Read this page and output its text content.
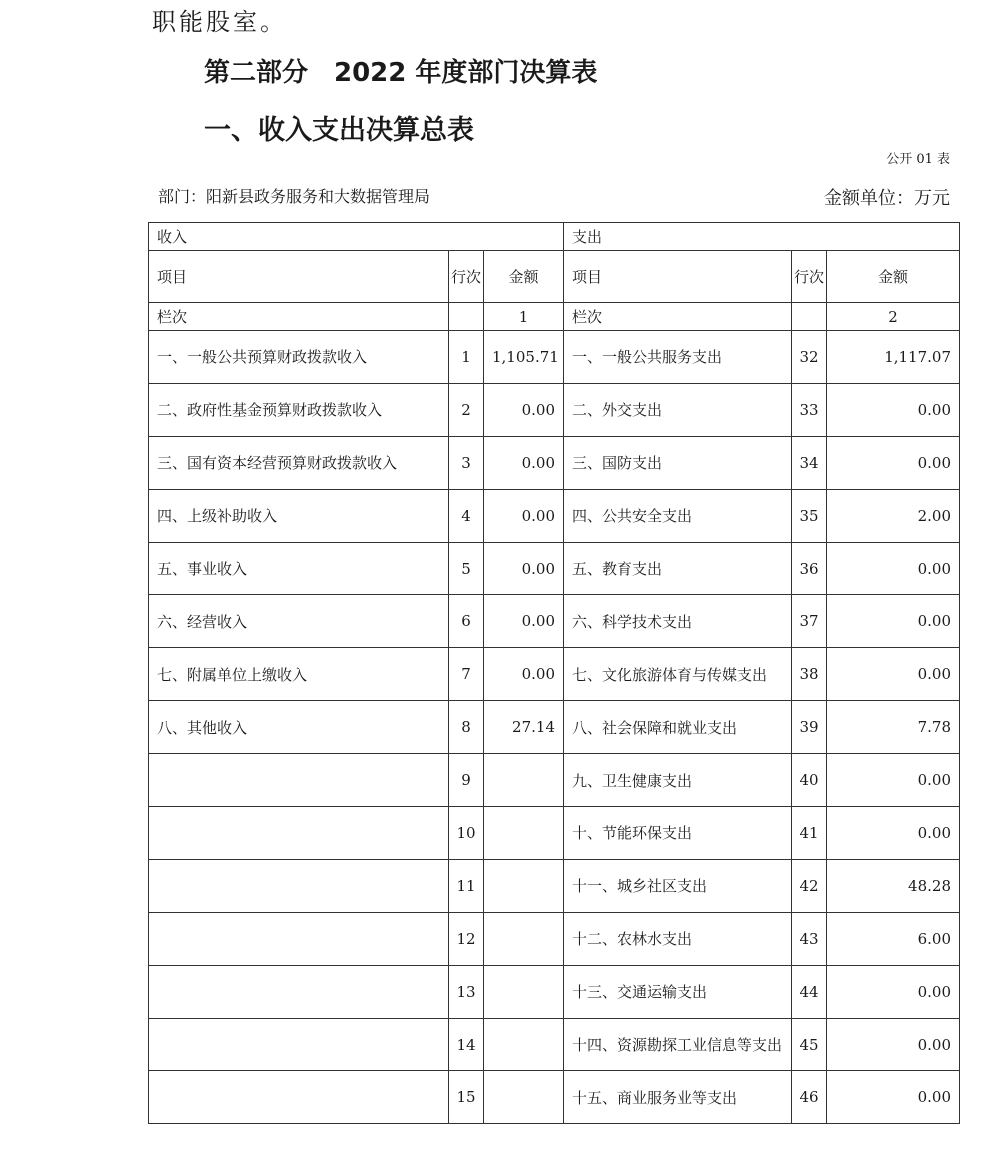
职能股室。
第二部分　2022 年度部门决算表
一、收入支出决算总表
公开 01 表
部门：阳新县政务服务和大数据管理局	金额单位：万元
收入			支出		
项目	行次	金额	项目	行次	金额
栏次		1	栏次		2
一、一般公共预算财政拨款收入	1	1,105.71	一、一般公共服务支出	32	1,117.07
二、政府性基金预算财政拨款收入	2	0.00	二、外交支出	33	0.00
三、国有资本经营预算财政拨款收入	3	0.00	三、国防支出	34	0.00
四、上级补助收入	4	0.00	四、公共安全支出	35	2.00
五、事业收入	5	0.00	五、教育支出	36	0.00
六、经营收入	6	0.00	六、科学技术支出	37	0.00
七、附属单位上缴收入	7	0.00	七、文化旅游体育与传媒支出	38	0.00
八、其他收入	8	27.14	八、社会保障和就业支出	39	7.78
	9		九、卫生健康支出	40	0.00
	10		十、节能环保支出	41	0.00
	11		十一、城乡社区支出	42	48.28
	12		十二、农林水支出	43	6.00
	13		十三、交通运输支出	44	0.00
	14		十四、资源勘探工业信息等支出	45	0.00
	15		十五、商业服务业等支出	46	0.00
